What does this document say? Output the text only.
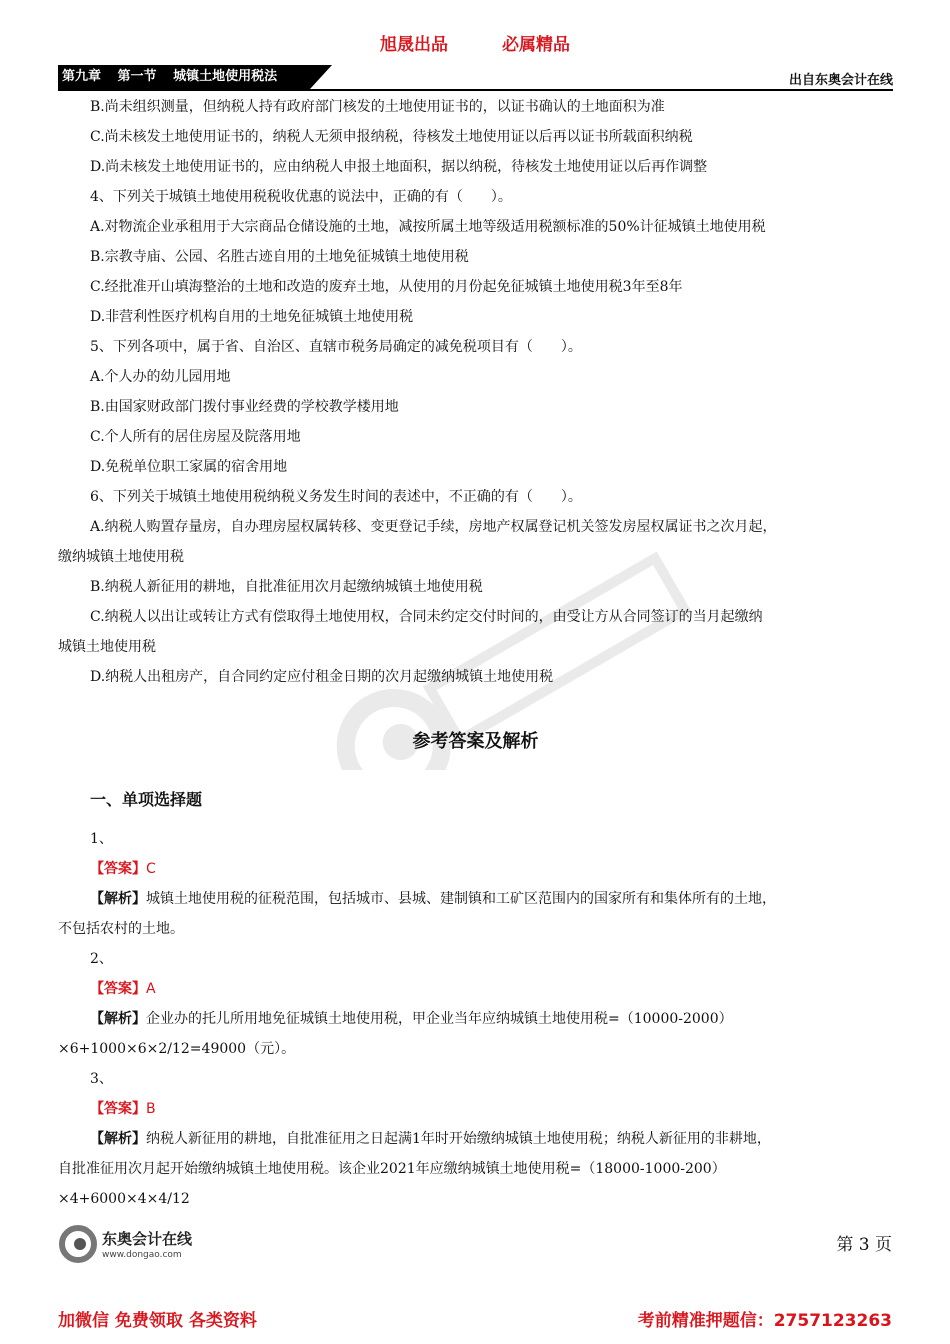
旭晟出品	必属精品
第九章 第一节 城镇土地使用税法	出自东奥会计在线
B.尚未组织测量，但纳税人持有政府部门核发的土地使用证书的，以证书确认的土地面积为准
C.尚未核发土地使用证书的，纳税人无须申报纳税，待核发土地使用证以后再以证书所载面积纳税
D.尚未核发土地使用证书的，应由纳税人申报土地面积，据以纳税，待核发土地使用证以后再作调整
4、下列关于城镇土地使用税税收优惠的说法中，正确的有（　　）。
A.对物流企业承租用于大宗商品仓储设施的土地，减按所属土地等级适用税额标准的50%计征城镇土地使用税
B.宗教寺庙、公园、名胜古迹自用的土地免征城镇土地使用税
C.经批准开山填海整治的土地和改造的废弃土地，从使用的月份起免征城镇土地使用税3年至8年
D.非营利性医疗机构自用的土地免征城镇土地使用税
5、下列各项中，属于省、自治区、直辖市税务局确定的减免税项目有（　　）。
A.个人办的幼儿园用地
B.由国家财政部门拨付事业经费的学校教学楼用地
C.个人所有的居住房屋及院落用地
D.免税单位职工家属的宿舍用地
6、下列关于城镇土地使用税纳税义务发生时间的表述中，不正确的有（　　）。
A.纳税人购置存量房，自办理房屋权属转移、变更登记手续，房地产权属登记机关签发房屋权属证书之次月起，
缴纳城镇土地使用税
B.纳税人新征用的耕地，自批准征用次月起缴纳城镇土地使用税
C.纳税人以出让或转让方式有偿取得土地使用权，合同未约定交付时间的，由受让方从合同签订的当月起缴纳
城镇土地使用税
D.纳税人出租房产，自合同约定应付租金日期的次月起缴纳城镇土地使用税
参考答案及解析
一、单项选择题
1、
【答案】C
【解析】城镇土地使用税的征税范围，包括城市、县城、建制镇和工矿区范围内的国家所有和集体所有的土地，
不包括农村的土地。
2、
【答案】A
【解析】企业办的托儿所用地免征城镇土地使用税，甲企业当年应纳城镇土地使用税=（10000-2000）
×6+1000×6×2/12=49000（元）。
3、
【答案】B
【解析】纳税人新征用的耕地，自批准征用之日起满1年时开始缴纳城镇土地使用税；纳税人新征用的非耕地，
自批准征用次月起开始缴纳城镇土地使用税。该企业2021年应缴纳城镇土地使用税=（18000-1000-200）
×4+6000×4×4/12
东奥会计在线
www.dongao.com	第 3 页
加微信 免费领取 各类资料	考前精准押题信：2757123263
